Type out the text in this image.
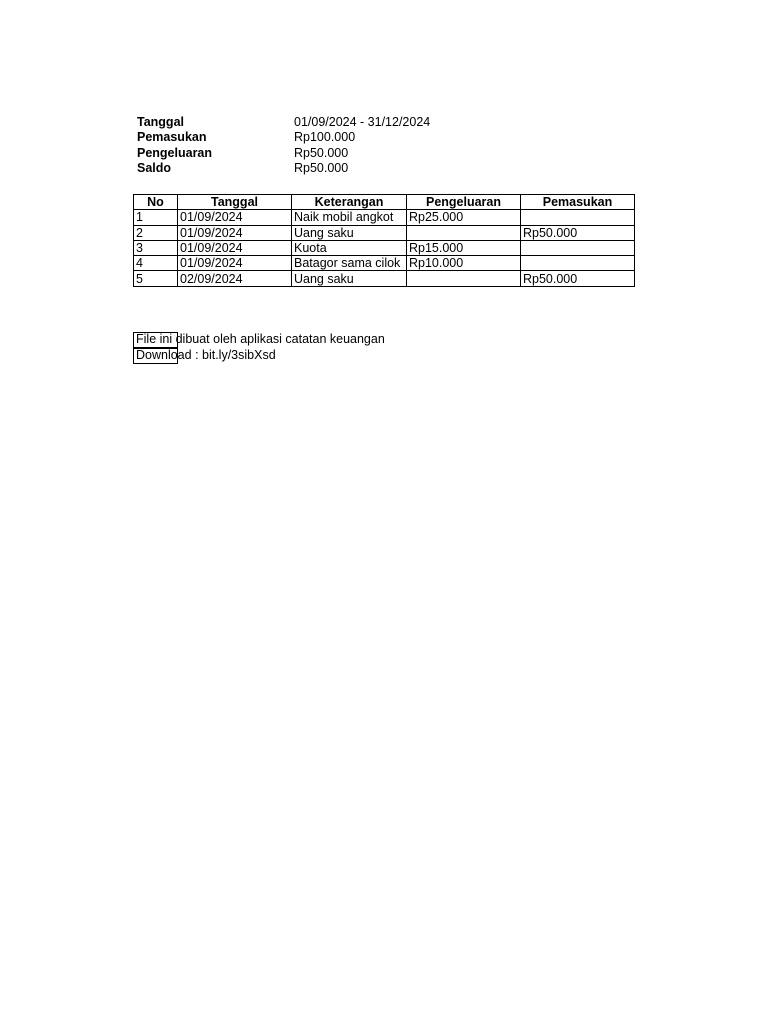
Tanggal	01/09/2024 - 31/12/2024
Pemasukan	Rp100.000
Pengeluaran	Rp50.000
Saldo	Rp50.000
No	Tanggal	Keterangan	Pengeluaran	Pemasukan
1	01/09/2024	Naik mobil angkot	Rp25.000	
2	01/09/2024	Uang saku		Rp50.000
3	01/09/2024	Kuota	Rp15.000	
4	01/09/2024	Batagor sama cilok	Rp10.000	
5	02/09/2024	Uang saku		Rp50.000
File ini dibuat oleh aplikasi catatan keuangan
Download : bit.ly/3sibXsd
